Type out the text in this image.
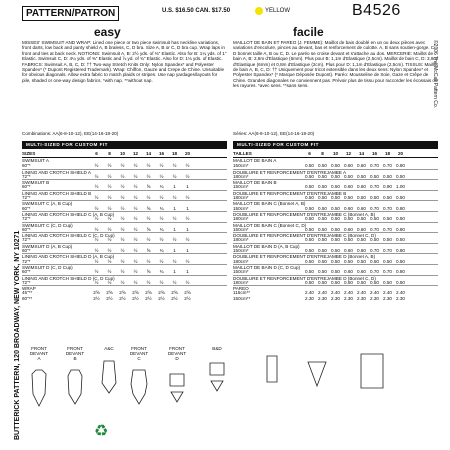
BUTTERICK PATTERN, 120 BROADWAY, NEW YORK, NY 10271
©2006 The McCall Pattern Co.
PATTERN/PATRON	U.S. $16.50 CAN. $17.50	YELLOW	B4526
easy	facile
MISSES' SWIMSUIT AND WRAP: Lined one piece or two piece swimsuit has neckline variations, front darts, low back and panty shield A, B braless, C, D bra. Size A, B or C, D bra cup. Wrap laps in front and ties at back neck. NOTIONS: Swimsuit A, B: 2½ yds. of ⅜" Elastic. Also for B: 1¼ yds. of 1" Elastic. Swimsuit C, D: 4¼ yds. of ⅜" Elastic and ⅞ yd. of ¾" Elastic. Also for D: 1⅛ yds. of Elastic. FABRICS: Swimsuit A, B, C, D: †† Two-way Stretch Knits Only: Nylon Spandex* and Polyester Spandex* (* Dupont Registered Trademark). Wrap: Chiffon, Gauze and Crepe de Chine. Unsuitable for obvious diagonals. Allow extra fabric to match plaids or stripes. Use nap yardages/layouts for pile, shaded or one-way design fabrics. *with nap. **without nap.
MAILLOT DE BAIN ET PAREO (J. FEMME): Maillot de bain doublé en un ou deux pièces avec variations d'encolure, pinces au devant, bas et renforcement de culotte. A, B sans soutien-gorge. C, D bonnet taille A, B ou C, D. Le paréo se croise devant et s'attache au dos. MERCERIE: Maillot de bain A, B: 2,6m d'Elastique (6mm). Plus pour B: 1,1m d'Elastique (2,5cm). Maillot de bain C, D: 3,9m d'Elastique (6mm) et 0,8m d'Elastique (2cm). Plus pour D: 1,1m d'Elastique (2,5cm). TISSUS: Maillot de bain A, B, C, D: †† Uniquement pour tricot extensible dans les deux sens: Nylon Spandex* et Polyester Spandex* (* Marque Déposée Dupont). Paréo: Mousseline de Soie, Gaze et Crêpe de Chine. Grandes diagonales ne conviennent pas. Prévoir plus de tissu pour raccorder les écossais ou les rayures. *avec sens. **sans sens.
Combinations: AA(6-8-10-12), EE(14-16-18-20)	Séries: AA(6-8-10-12), EE(14-16-18-20)
MULTI-SIZED FOR CUSTOM FIT	MULTI-SIZED FOR CUSTOM FIT
SIZES	6	8	10	12	14	16	18	20
SWIMSUIT A
60"*	½	½	½	½	½	½	½	½
LINING AND CROTCH SHIELD A
72"*	½	½	½	½	½	½	½	½
SWIMSUIT B
60"*	½	½	½	½	⅝	¾	1	1
LINING AND CROTCH SHIELD B
72"*	½	½	½	½	½	½	½	½
SWIMSUIT C (A, B Cup)
60"*	½	½	½	½	⅝	¾	1	1
LINING AND CROTCH SHIELD C (A, B Cup)
72"*	½	½	½	½	½	½	½	½
SWIMSUIT C (C, D Cup)
60"*	½	½	½	½	⅝	¾	1	1
LINING AND CROTCH SHIELD C (C, D Cup)
72"*	½	½	½	½	½	½	½	½
SWIMSUIT D (A, B Cup)
60"*	½	½	½	½	⅝	¾	1	1
LINING AND CROTCH SHIELD D (A, B Cup)
72"*	½	½	½	½	½	½	½	½
SWIMSUIT D (C, D Cup)
60"*	½	½	½	½	⅝	¾	1	1
LINING AND CROTCH SHIELD D (C, D Cup)
72"*	½	½	½	½	½	½	½	½
WRAP
45"**	2⅝	2⅝	2⅝	2⅝	2⅝	2⅝	2⅝	2⅝
60"**	2½	2½	2½	2½	2½	2½	2½	2½
TAILLES	6	8	10	12	14	16	18	20
MAILLOT DE BAIN A
150cm*	0.50 0.50 0.50 0.60 0.60 0.70 0.70 0.80
DOUBLURE ET RENFORCEMENT D'ENTREJAMBE A
180cm*	0.50 0.50 0.50 0.50 0.50 0.50 0.50 0.50
MAILLOT DE BAIN B
150cm*	0.50 0.50 0.50 0.60 0.60 0.70 0.90 1.00
DOUBLURE ET RENFORCEMENT D'ENTREJAMBE B
180cm*	0.50 0.50 0.50 0.50 0.50 0.50 0.50 0.50
MAILLOT DE BAIN C (Bonnet A, B)
150cm*	0.50 0.50 0.50 0.60 0.60 0.70 0.70 0.80
DOUBLURE ET RENFORCEMENT D'ENTREJAMBE C (Bonnet A, B)
180cm*	0.50 0.50 0.50 0.50 0.50 0.50 0.50 0.50
MAILLOT DE BAIN C (Bonnet C, D)
150cm*	0.50 0.50 0.50 0.60 0.60 0.70 0.70 0.80
DOUBLURE ET RENFORCEMENT D'ENTREJAMBE C (Bonnet C, D)
180cm*	0.50 0.50 0.50 0.50 0.50 0.50 0.50 0.50
MAILLOT DE BAIN D (A, B Cup)
150cm*	0.50 0.50 0.50 0.60 0.60 0.70 0.70 0.80
DOUBLURE ET RENFORCEMENT D'ENTREJAMBE D (Bonnet A, B)
180cm*	0.50 0.50 0.50 0.50 0.50 0.50 0.50 0.50
MAILLOT DE BAIN D (C, D Cup)
150cm*	0.50 0.50 0.50 0.60 0.60 0.70 0.70 0.80
DOUBLURE ET RENFORCEMENT D'ENTREJAMBE D (Bonnet C, D)
180cm*	0.50 0.50 0.50 0.50 0.50 0.50 0.50 0.50
PAREO
115cm**	2.40 2.40 2.40 2.40 2.40 2.40 2.40 2.40
150cm**	2.30 2.30 2.30 2.30 2.30 2.30 2.30 2.30
FRONT
DEVANT
A
FRONT
DEVANT
B
A&C	FRONT
DEVANT
C
FRONT
DEVANT
D
B&D
♻
